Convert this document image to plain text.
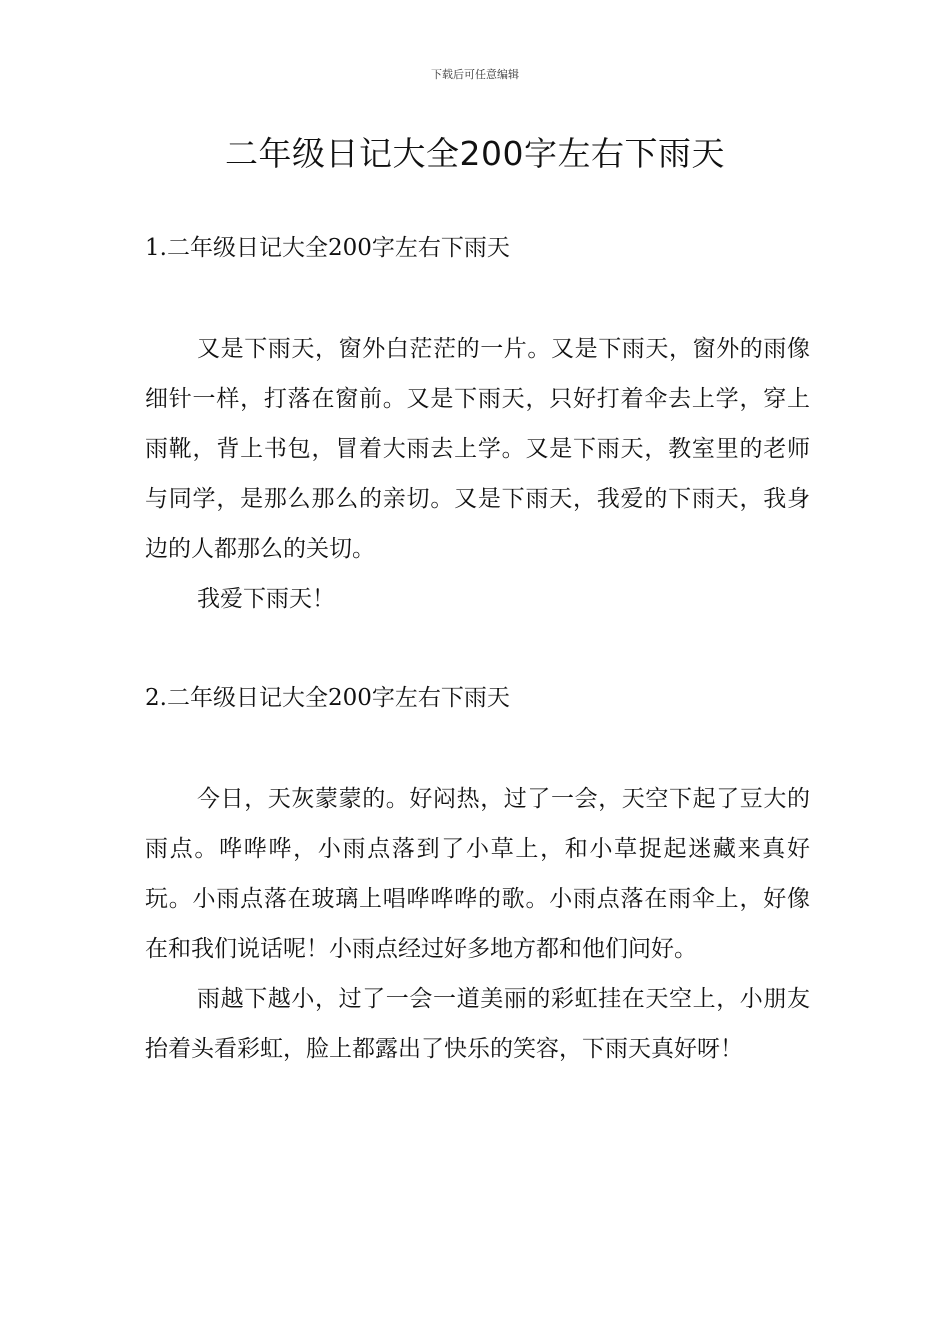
下载后可任意编辑
二年级日记大全200字左右下雨天

1.二年级日记大全200字左右下雨天

又是下雨天，窗外白茫茫的一片。又是下雨天，窗外的雨像细针一样，打落在窗前。又是下雨天，只好打着伞去上学，穿上雨靴，背上书包，冒着大雨去上学。又是下雨天，教室里的老师与同学，是那么那么的亲切。又是下雨天，我爱的下雨天，我身边的人都那么的关切。

我爱下雨天！

2.二年级日记大全200字左右下雨天

今日，天灰蒙蒙的。好闷热，过了一会，天空下起了豆大的雨点。哗哗哗，小雨点落到了小草上，和小草捉起迷藏来真好玩。小雨点落在玻璃上唱哗哗哗的歌。小雨点落在雨伞上，好像在和我们说话呢！小雨点经过好多地方都和他们问好。

雨越下越小，过了一会一道美丽的彩虹挂在天空上，小朋友抬着头看彩虹，脸上都露出了快乐的笑容，下雨天真好呀！
